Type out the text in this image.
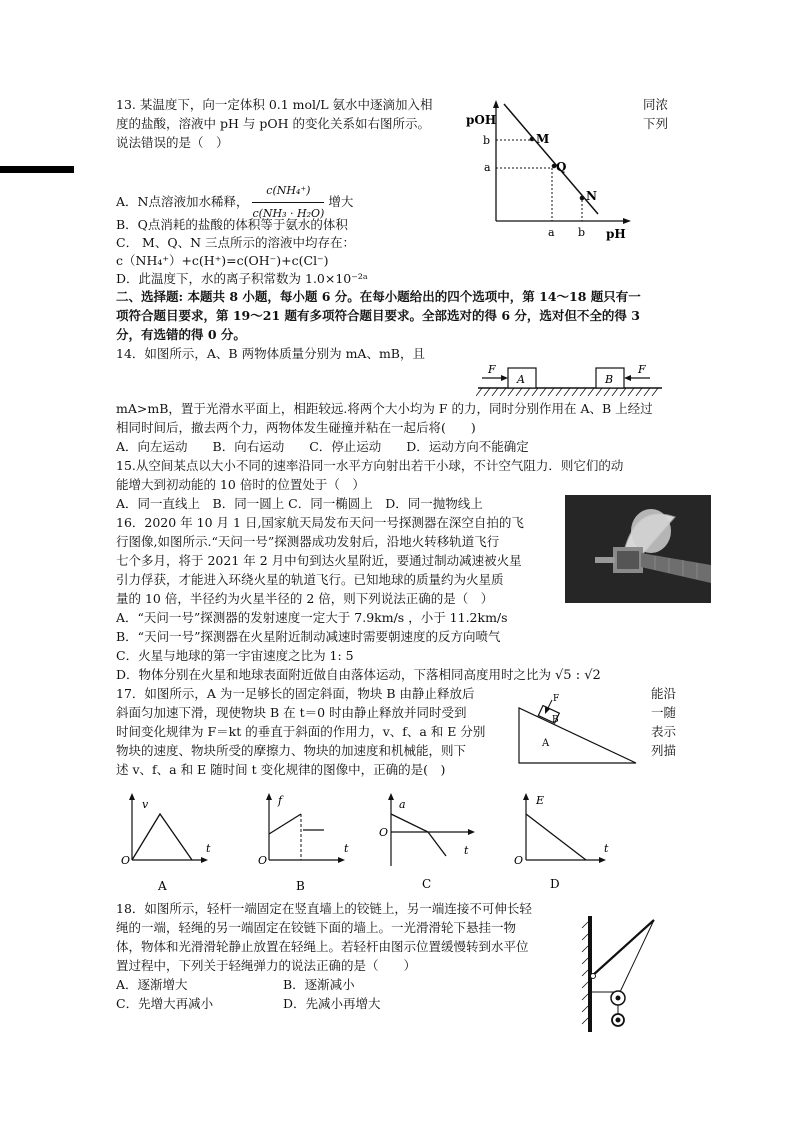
13. 某温度下，向一定体积 0.1 mol/L 氨水中逐滴加入相	同浓
度的盐酸，溶液中 pH 与 pOH 的变化关系如右图所示。	下列
说法错误的是（　）
A．N点溶液加水稀释， $\frac{\text{c(NH₄⁺)}}{\text{c(NH₃ · H₂O)}}$ 增大
B．Q点消耗的盐酸的体积等于氨水的体积
C． M、Q、N 三点所示的溶液中均存在：
c（NH₄⁺）+c(H⁺)=c(OH⁻)+c(Cl⁻)
D．此温度下，水的离子积常数为 1.0×10⁻²ᵃ
pOH
pH
b
a
M
Q
N
a b
二、选择题: 本题共 8 小题，每小题 6 分。在每小题给出的四个选项中，第 14～18 题只有一
项符合题目要求，第 19～21 题有多项符合题目要求。全部选对的得 6 分，选对但不全的得 3
分，有选错的得 0 分。
14．如图所示，A、B 两物体质量分别为 mA、mB，且
F
A	B
F
mA>mB，置于光滑水平面上，相距较远.将两个大小均为 F 的力，同时分别作用在 A、B 上经过
相同时间后，撤去两个力，两物体发生碰撞并粘在一起后将(　　)
A．向左运动　　B．向右运动　　C．停止运动　　D．运动方向不能确定
15.从空间某点以大小不同的速率沿同一水平方向射出若干小球，不计空气阻力．则它们的动
能增大到初动能的 10 倍时的位置处于（　）
A．同一直线上　B．同一圆上 C．同一椭圆上　D．同一抛物线上
16．2020 年 10 月 1 日,国家航天局发布天问一号探测器在深空自拍的飞
行图像,如图所示.“天问一号”探测器成功发射后，沿地火转移轨道飞行
七个多月，将于 2021 年 2 月中旬到达火星附近，要通过制动减速被火星
引力俘获，才能进入环绕火星的轨道飞行。已知地球的质量约为火星质
量的 10 倍，半径约为火星半径的 2 倍，则下列说法正确的是（　）
A．“天问一号”探测器的发射速度一定大于 7.9km/s ，小于 11.2km/s
B．“天问一号”探测器在火星附近制动减速时需要朝速度的反方向喷气
C．火星与地球的第一宇宙速度之比为 1: 5
D．物体分别在火星和地球表面附近做自由落体运动，下落相同高度用时之比为 √5 : √2
17．如图所示，A 为一足够长的固定斜面，物块 B 由静止释放后	能沿
斜面匀加速下滑，现使物块 B 在 t＝0 时由静止释放并同时受到	一随
时间变化规律为 F＝kt 的垂直于斜面的作用力，v、f、a 和 E 分别	表示
物块的速度、物块所受的摩擦力、物块的加速度和机械能，则下	列描
述 v、f、a 和 E 随时间 t 变化规律的图像中，正确的是(　)
F
B
A
v
O
t
A
f
O
t
B
a
O
t
C
E
O
t
D
18．如图所示，轻杆一端固定在竖直墙上的铰链上，另一端连接不可伸长轻
绳的一端，轻绳的另一端固定在铰链下面的墙上。一光滑滑轮下悬挂一物
体，物体和光滑滑轮静止放置在轻绳上。若轻杆由图示位置缓慢转到水平位
置过程中，下列关于轻绳弹力的说法正确的是（　　）
A．逐渐增大	B．逐渐减小
C．先增大再减小	D．先减小再增大
